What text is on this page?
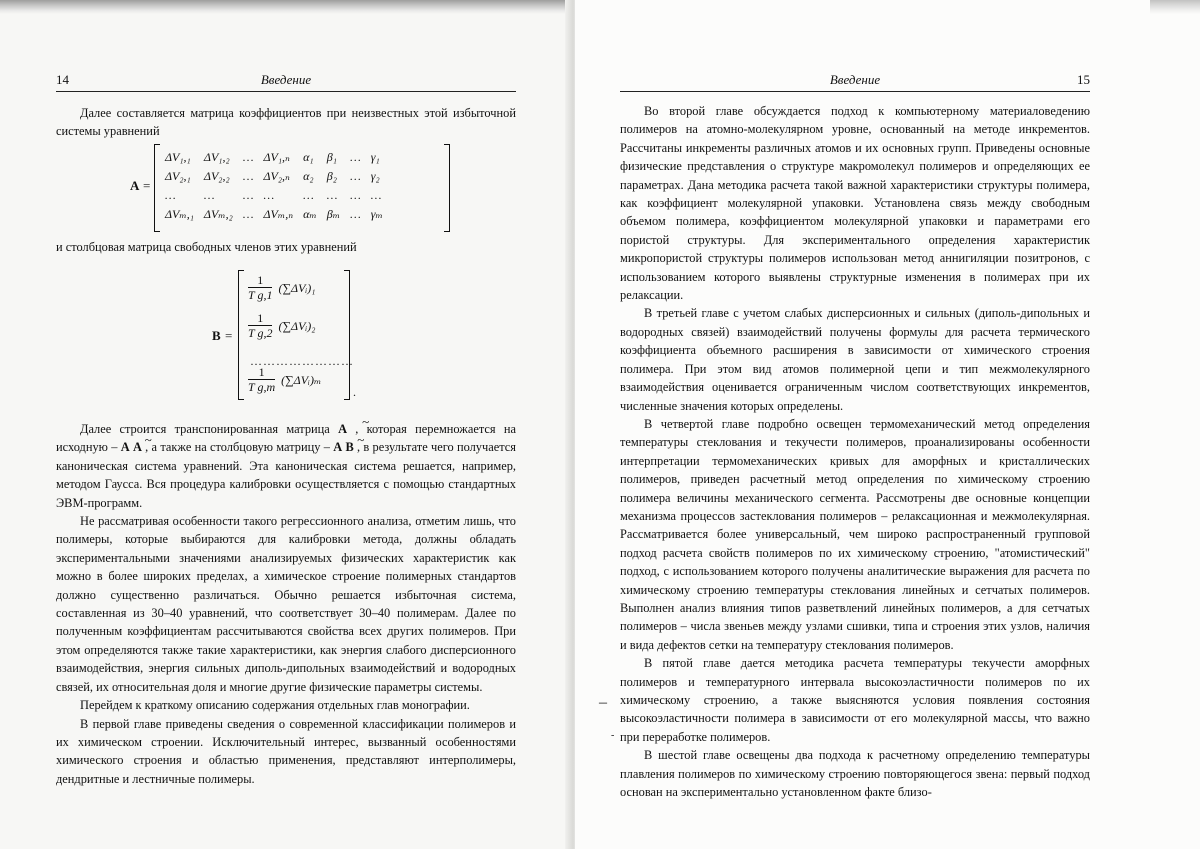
14	Введение

Далее составляется матрица коэффициентов при неизвестных этой избыточной системы уравнений

A =
ΔV₁,₁	ΔV₁,₂	…	ΔV₁,ₙ	α₁	β₁	…	γ₁
ΔV₂,₁	ΔV₂,₂	…	ΔV₂,ₙ	α₂	β₂	…	γ₂
…	…	…	…	…	…	…	…
ΔVₘ,₁	ΔVₘ,₂	…	ΔVₘ,ₙ	αₘ	βₘ	…	γₘ

и столбцовая матрица свободных членов этих уравнений

B =
$\frac{1}{\text{T g,1}}$ (∑ΔVᵢ)₁
$\frac{1}{\text{T g,2}}$ (∑ΔVᵢ)₂
……………………
$\frac{1}{\text{T g,m}}$ (∑ΔVᵢ)ₘ
.

Далее строится транспонированная матрица ~ A , которая перемножается на исходную – ~ A A , а также на столбцовую матрицу – ~ A B , в результате чего получается каноническая система уравнений. Эта каноническая система решается, например, методом Гаусса. Вся процедура калибровки осуществляется с помощью стандартных ЭВМ-программ.

Не рассматривая особенности такого регрессионного анализа, отметим лишь, что полимеры, которые выбираются для калибровки метода, должны обладать экспериментальными значениями анализируемых физических характеристик как можно в более широких пределах, а химическое строение полимерных стандартов должно существенно различаться. Обычно решается избыточная система, составленная из 30–40 уравнений, что соответствует 30–40 полимерам. Далее по полученным коэффициентам рассчитываются свойства всех других полимеров. При этом определяются также такие характеристики, как энергия слабого дисперсионного взаимодействия, энергия сильных диполь-дипольных взаимодействий и водородных связей, их относительная доля и многие другие физические параметры системы.

Перейдем к краткому описанию содержания отдельных глав монографии.

В первой главе приведены сведения о современной классификации полимеров и их химическом строении. Исключительный интерес, вызванный особенностями химического строения и областью применения, представляют интерполимеры, дендритные и лестничные полимеры.

Введение	15

Во второй главе обсуждается подход к компьютерному материаловедению полимеров на атомно-молекулярном уровне, основанный на методе инкрементов. Рассчитаны инкременты различных атомов и их основных групп. Приведены основные физические представления о структуре макромолекул полимеров и определяющих ее параметрах. Дана методика расчета такой важной характеристики структуры полимера, как коэффициент молекулярной упаковки. Установлена связь между свободным объемом полимера, коэффициентом молекулярной упаковки и параметрами его пористой структуры. Для экспериментального определения характеристик микропористой структуры полимеров использован метод аннигиляции позитронов, с использованием которого выявлены структурные изменения в полимерах при их релаксации.

В третьей главе с учетом слабых дисперсионных и сильных (диполь-дипольных и водородных связей) взаимодействий получены формулы для расчета термического коэффициента объемного расширения в зависимости от химического строения полимера. При этом вид атомов полимерной цепи и тип межмолекулярного взаимодействия оценивается ограниченным числом соответствующих инкрементов, численные значения которых определены.

В четвертой главе подробно освещен термомеханический метод определения температуры стеклования и текучести полимеров, проанализированы особенности интерпретации термомеханических кривых для аморфных и кристаллических полимеров, приведен расчетный метод определения по химическому строению полимера величины механического сегмента. Рассмотрены две основные концепции механизма процессов застеклования полимеров – релаксационная и межмолекулярная. Рассматривается более универсальный, чем широко распространенный групповой подход расчета свойств полимеров по их химическому строению, "атомистический" подход, с использованием которого получены аналитические выражения для расчета по химическому строению температуры стеклования линейных и сетчатых полимеров. Выполнен анализ влияния типов разветвлений линейных полимеров, а для сетчатых полимеров – числа звеньев между узлами сшивки, типа и строения этих узлов, наличия и вида дефектов сетки на температуру стеклования полимеров.

В пятой главе дается методика расчета температуры текучести аморфных полимеров и температурного интервала высокоэластичности полимеров по их химическому строению, а также выясняются условия появления состояния высокоэластичности полимера в зависимости от его молекулярной массы, что важно при переработке полимеров.

В шестой главе освещены два подхода к расчетному определению температуры плавления полимеров по химическому строению повторяющегося звена: первый подход основан на экспериментально установленном факте близо-

–
-
